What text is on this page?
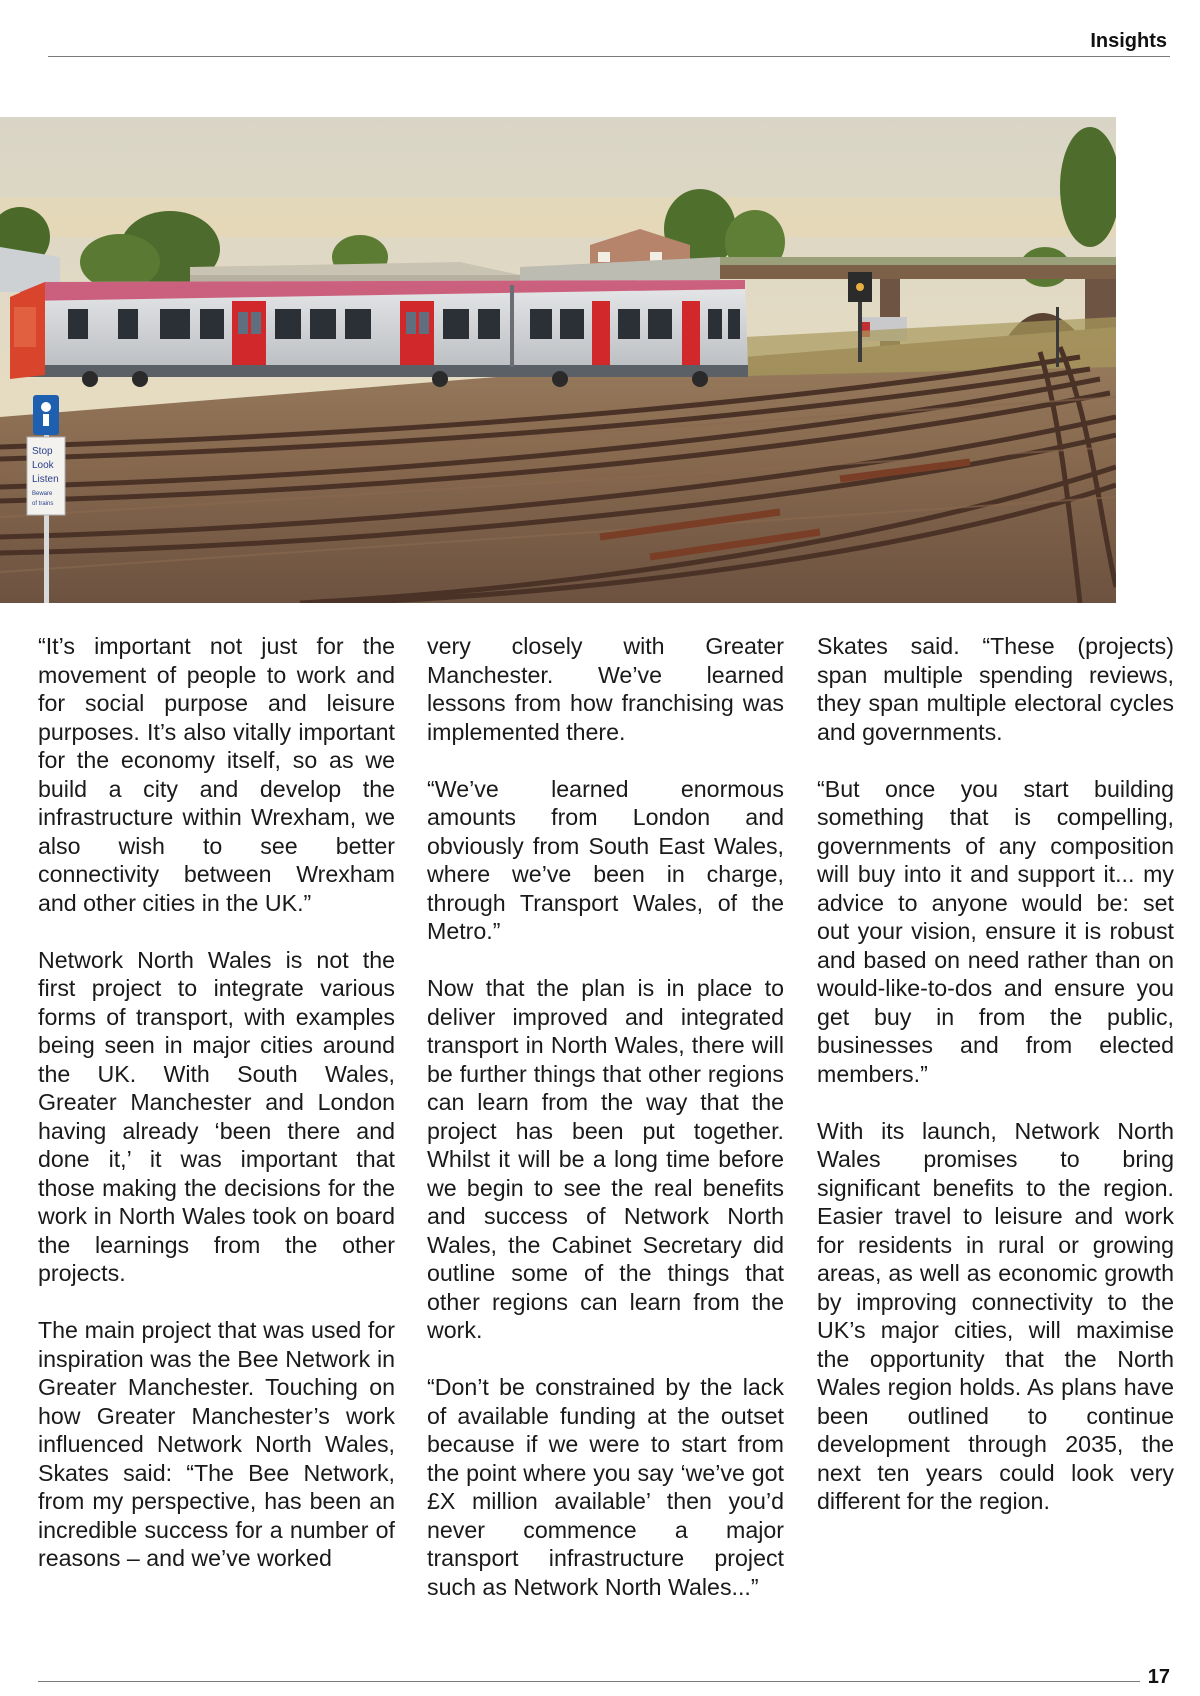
Insights
Stop
Look
Listen
Beware
of trains

“It’s important not just for the movement of people to work and for social purpose and leisure purposes. It’s also vitally important for the economy itself, so as we build a city and develop the infrastructure within Wrexham, we also wish to see better connectivity between Wrexham and other cities in the UK.”

Network North Wales is not the first project to integrate various forms of transport, with examples being seen in major cities around the UK. With South Wales, Greater Manchester and London having already ‘been there and done it,’ it was important that those making the decisions for the work in North Wales took on board the learnings from the other projects.

The main project that was used for inspiration was the Bee Network in Greater Manchester. Touching on how Greater Manchester’s work influenced Network North Wales, Skates said: “The Bee Network, from my perspective, has been an incredible success for a number of reasons – and we’ve worked

very closely with Greater Manchester. We’ve learned lessons from how franchising was implemented there.

“We’ve learned enormous amounts from London and obviously from South East Wales, where we’ve been in charge, through Transport Wales, of the Metro.”

Now that the plan is in place to deliver improved and integrated transport in North Wales, there will be further things that other regions can learn from the way that the project has been put together. Whilst it will be a long time before we begin to see the real benefits and success of Network North Wales, the Cabinet Secretary did outline some of the things that other regions can learn from the work.

“Don’t be constrained by the lack of available funding at the outset because if we were to start from the point where you say ‘we’ve got £X million available’ then you’d never commence a major transport infrastructure project such as Network North Wales...”

Skates said. “These (projects) span multiple spending reviews, they span multiple electoral cycles and governments.

“But once you start building something that is compelling, governments of any composition will buy into it and support it... my advice to anyone would be: set out your vision, ensure it is robust and based on need rather than on would-like-to-dos and ensure you get buy in from the public, businesses and from elected members.”

With its launch, Network North Wales promises to bring significant benefits to the region. Easier travel to leisure and work for residents in rural or growing areas, as well as economic growth by improving connectivity to the UK’s major cities, will maximise the opportunity that the North Wales region holds. As plans have been outlined to continue development through 2035, the next ten years could look very different for the region.

17
